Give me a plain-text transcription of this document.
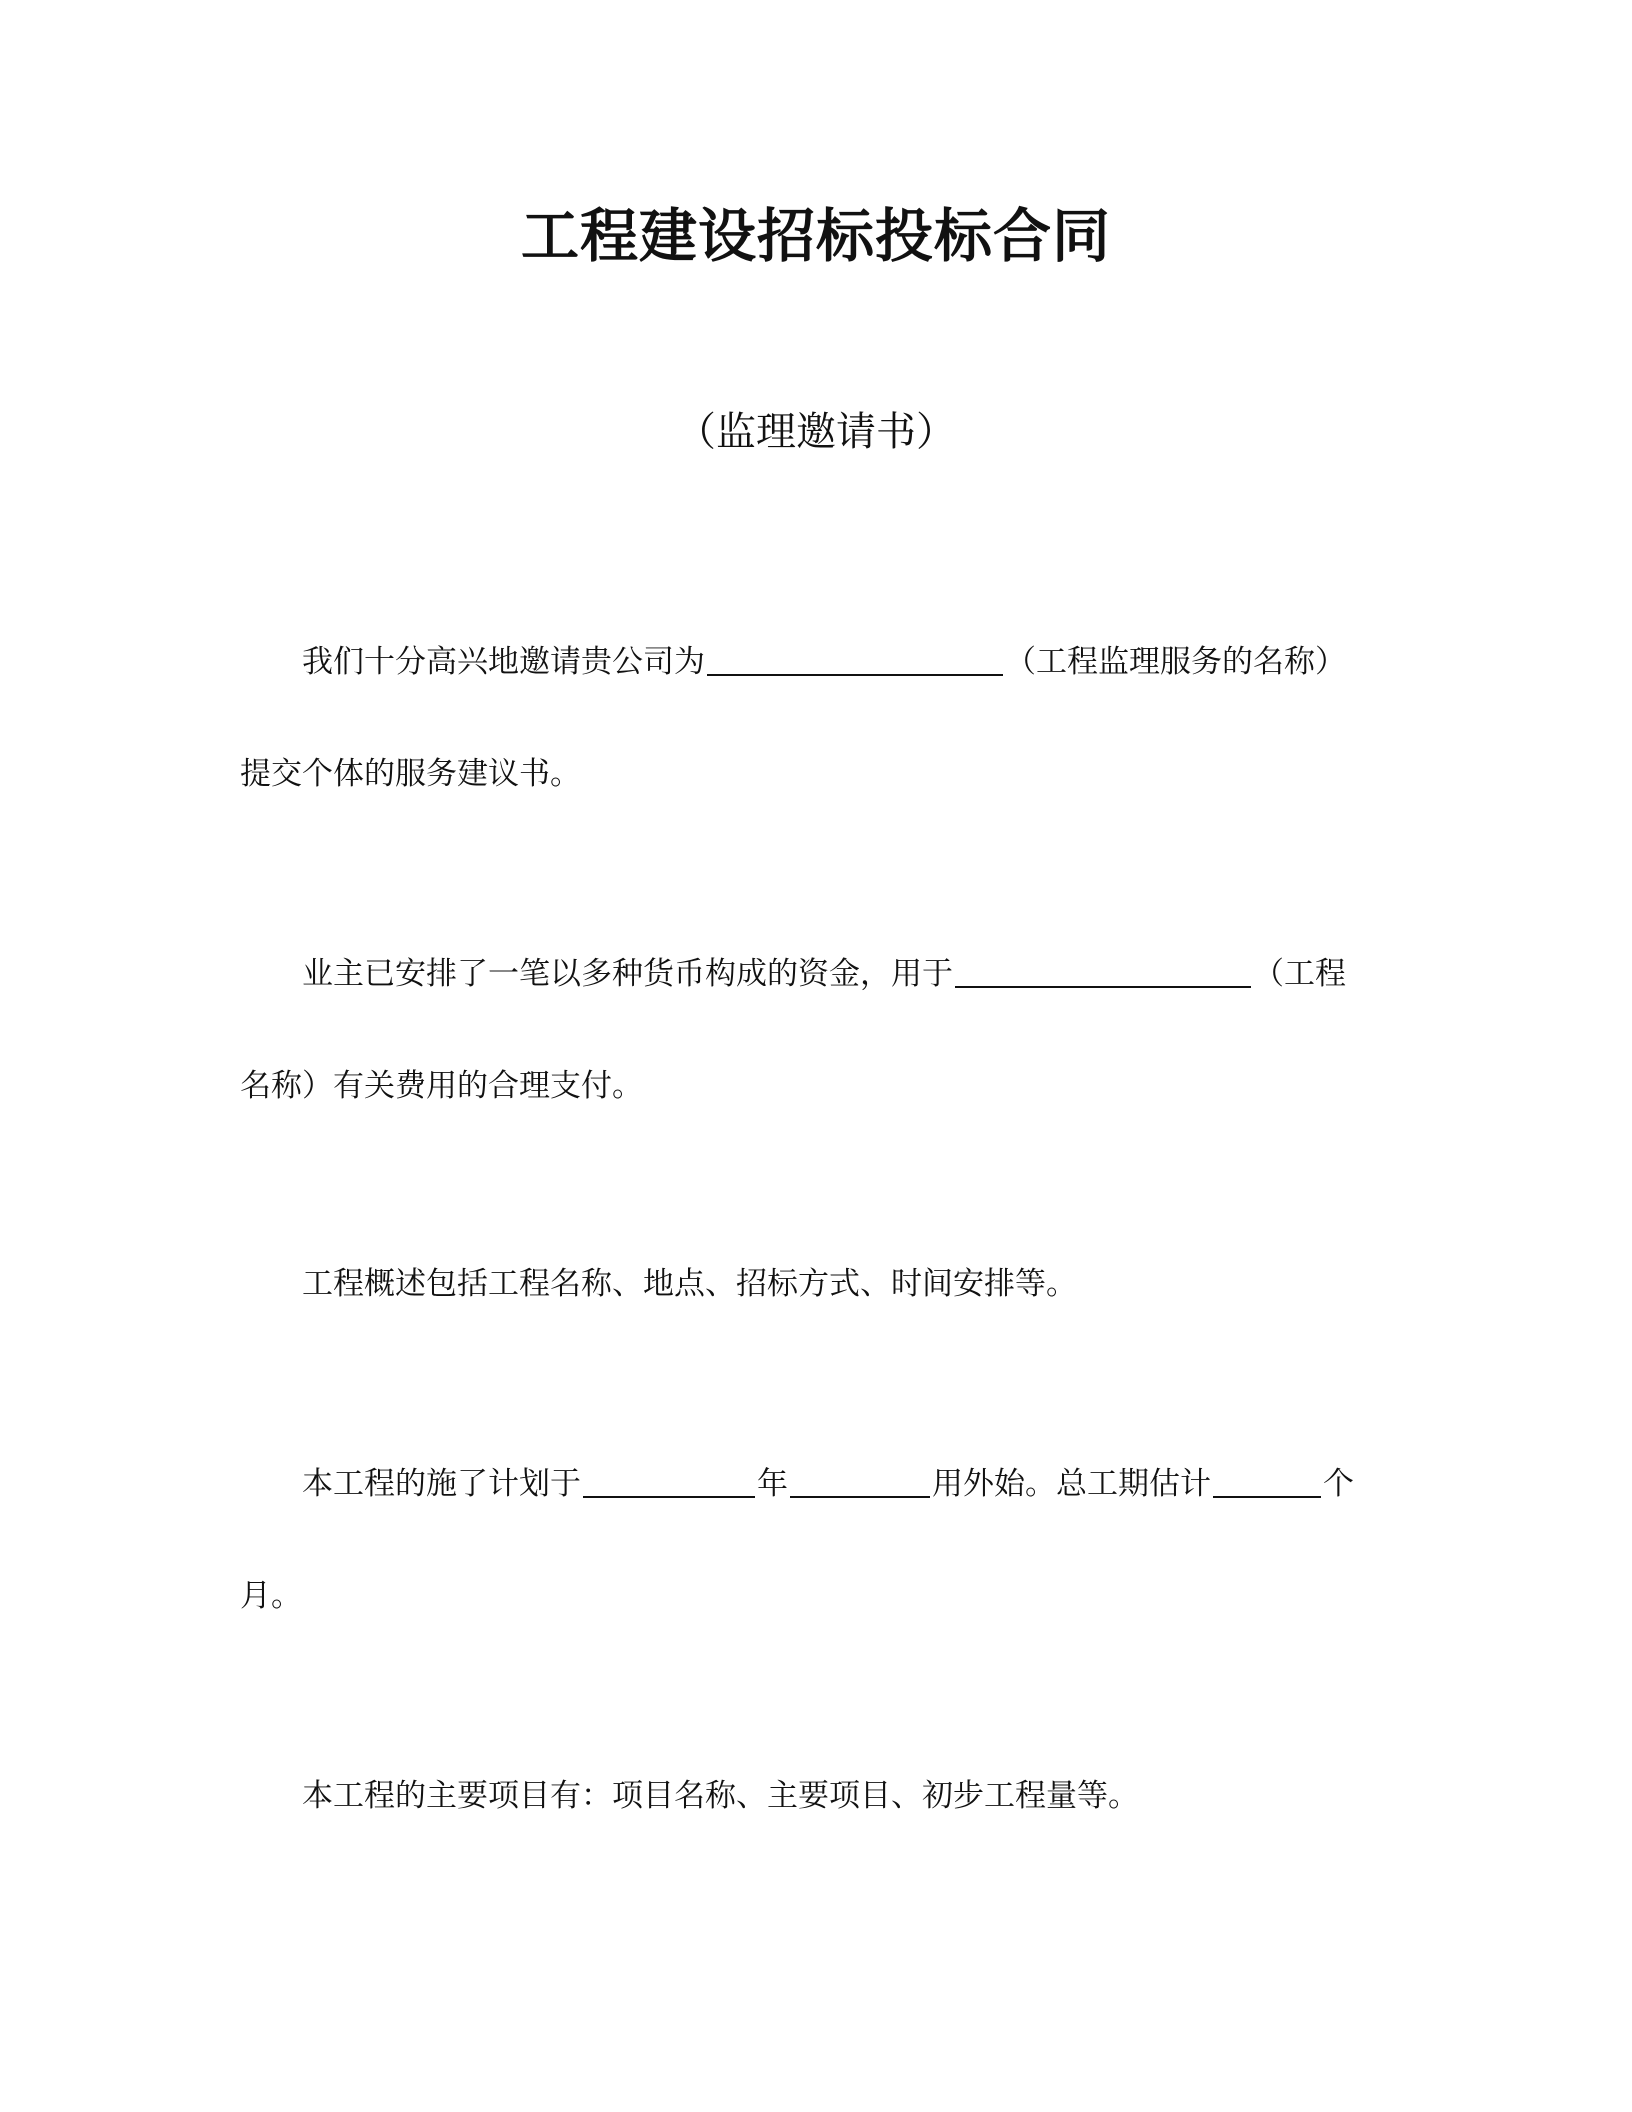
工程建设招标投标合同
（监理邀请书）
我们十分高兴地邀请贵公司为	（工程监理服务的名称）
提交个体的服务建议书。
业主已安排了一笔以多种货币构成的资金，用于	（工程
名称）有关费用的合理支付。
工程概述包括工程名称、地点、招标方式、时间安排等。
本工程的施了计划于	年	用外始。总工期估计	个
月。
本工程的主要项目有：项目名称、主要项目、初步工程量等。
